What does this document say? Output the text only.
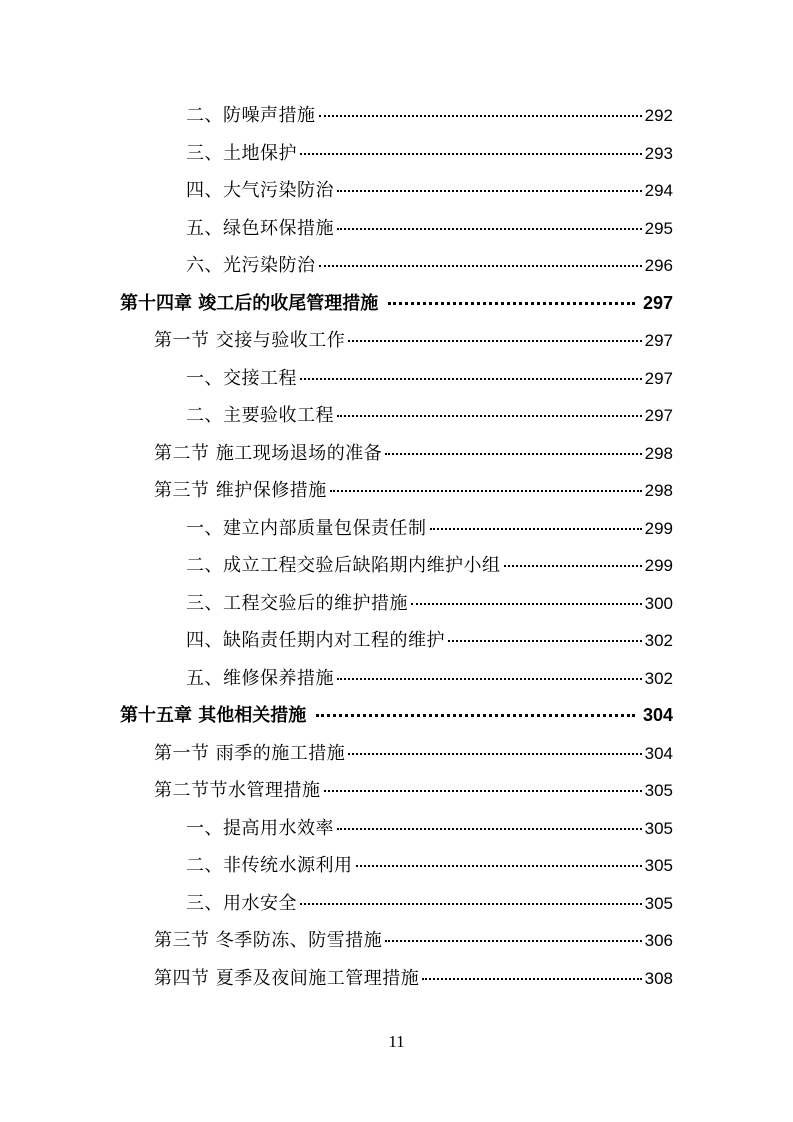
二、防噪声措施	292
三、土地保护	293
四、大气污染防治	294
五、绿色环保措施	295
六、光污染防治	296
第十四章 竣工后的收尾管理措施	297
第一节 交接与验收工作	297
一、交接工程	297
二、主要验收工程	297
第二节 施工现场退场的准备	298
第三节 维护保修措施	298
一、建立内部质量包保责任制	299
二、成立工程交验后缺陷期内维护小组	299
三、工程交验后的维护措施	300
四、缺陷责任期内对工程的维护	302
五、维修保养措施	302
第十五章 其他相关措施	304
第一节 雨季的施工措施	304
第二节节水管理措施	305
一、提高用水效率	305
二、非传统水源利用	305
三、用水安全	305
第三节 冬季防冻、防雪措施	306
第四节 夏季及夜间施工管理措施	308
11
